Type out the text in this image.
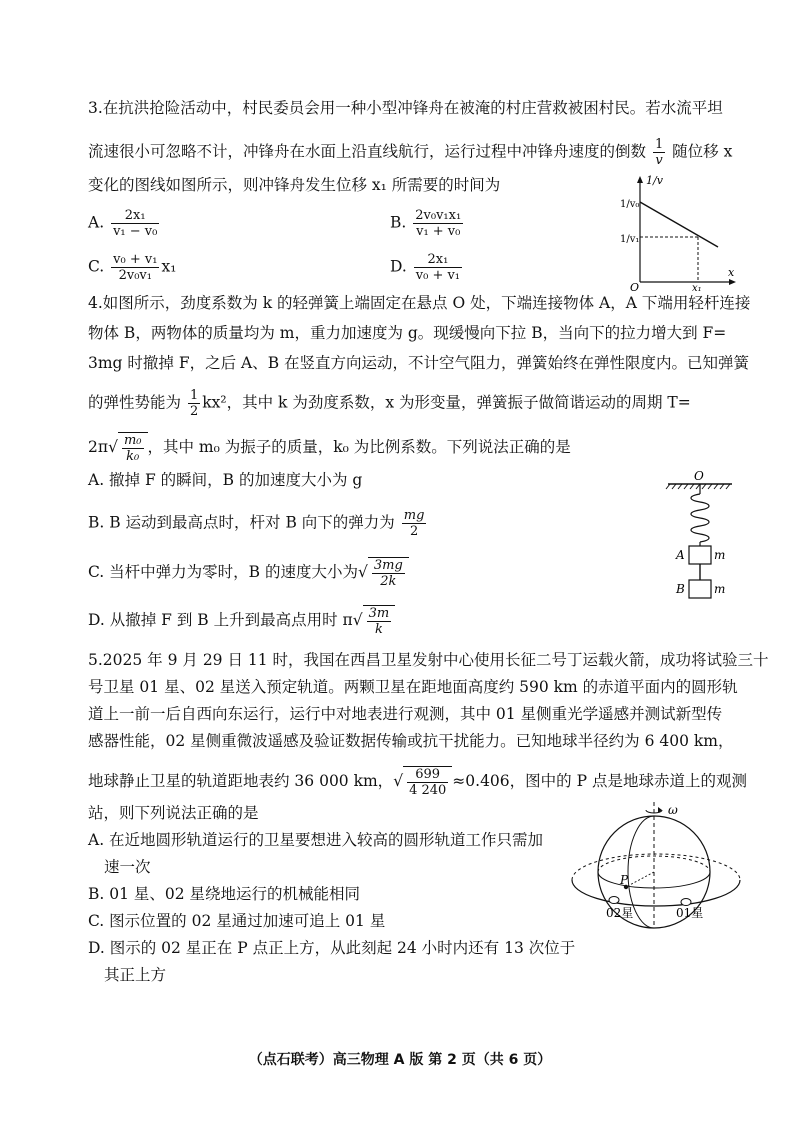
3.在抗洪抢险活动中，村民委员会用一种小型冲锋舟在被淹的村庄营救被困村民。若水流平坦
流速很小可忽略不计，冲锋舟在水面上沿直线航行，运行过程中冲锋舟速度的倒数 $\frac{1}{v}$ 随位移 x
变化的图线如图所示，则冲锋舟发生位移 x₁ 所需要的时间为
A. $\frac{\text{2x₁}}{\text{v₁ − v₀}}$	B. $\frac{\text{2v₀v₁x₁}}{\text{v₁ + v₀}}$
C. $\frac{\text{v₀ + v₁}}{\text{2v₀v₁}} x_1$	D. $\frac{\text{2x₁}}{\text{v₀ + v₁}}$
1/v
1/v₀
1/v₁
O	x₁
x
4.如图所示，劲度系数为 k 的轻弹簧上端固定在悬点 O 处，下端连接物体 A，A 下端用轻杆连接
物体 B，两物体的质量均为 m，重力加速度为 g。现缓慢向下拉 B，当向下的拉力增大到 F=
3mg 时撤掉 F，之后 A、B 在竖直方向运动，不计空气阻力，弹簧始终在弹性限度内。已知弹簧
的弹性势能为 $\frac{1}{2} kx^2$，其中 k 为劲度系数，x 为形变量，弹簧振子做简谐运动的周期 T=
$2\pi√ \frac{\text{m₀}}{\text{k₀}}$ ，其中 m₀ 为振子的质量，k₀ 为比例系数。下列说法正确的是
A. 撤掉 F 的瞬间，B 的加速度大小为 g
B. B 运动到最高点时，杆对 B 向下的弹力为 $\frac{mg}{2}$
C. 当杆中弹力为零时，B 的速度大小为√ $\frac{3mg}{2k}$
D. 从撤掉 F 到 B 上升到最高点用时 $\pi√ \frac{3m}{k}$
O
A m
B m
5.2025 年 9 月 29 日 11 时，我国在西昌卫星发射中心使用长征二号丁运载火箭，成功将试验三十
号卫星 01 星、02 星送入预定轨道。两颗卫星在距地面高度约 590 km 的赤道平面内的圆形轨
道上一前一后自西向东运行，运行中对地表进行观测，其中 01 星侧重光学遥感并测试新型传
感器性能，02 星侧重微波遥感及验证数据传输或抗干扰能力。已知地球半径约为 6 400 km，
地球静止卫星的轨道距地表约 36 000 km，√ $\frac{699}{4 240} \approx 0.406$，图中的 P 点是地球赤道上的观测
站，则下列说法正确的是
A. 在近地圆形轨道运行的卫星要想进入较高的圆形轨道工作只需加
速一次
B. 01 星、02 星绕地运行的机械能相同
C. 图示位置的 02 星通过加速可追上 01 星
D. 图示的 02 星正在 P 点正上方，从此刻起 24 小时内还有 13 次位于
其正上方
ω
P
02星	01星
（点石联考）高三物理 A 版 第 2 页（共 6 页）
